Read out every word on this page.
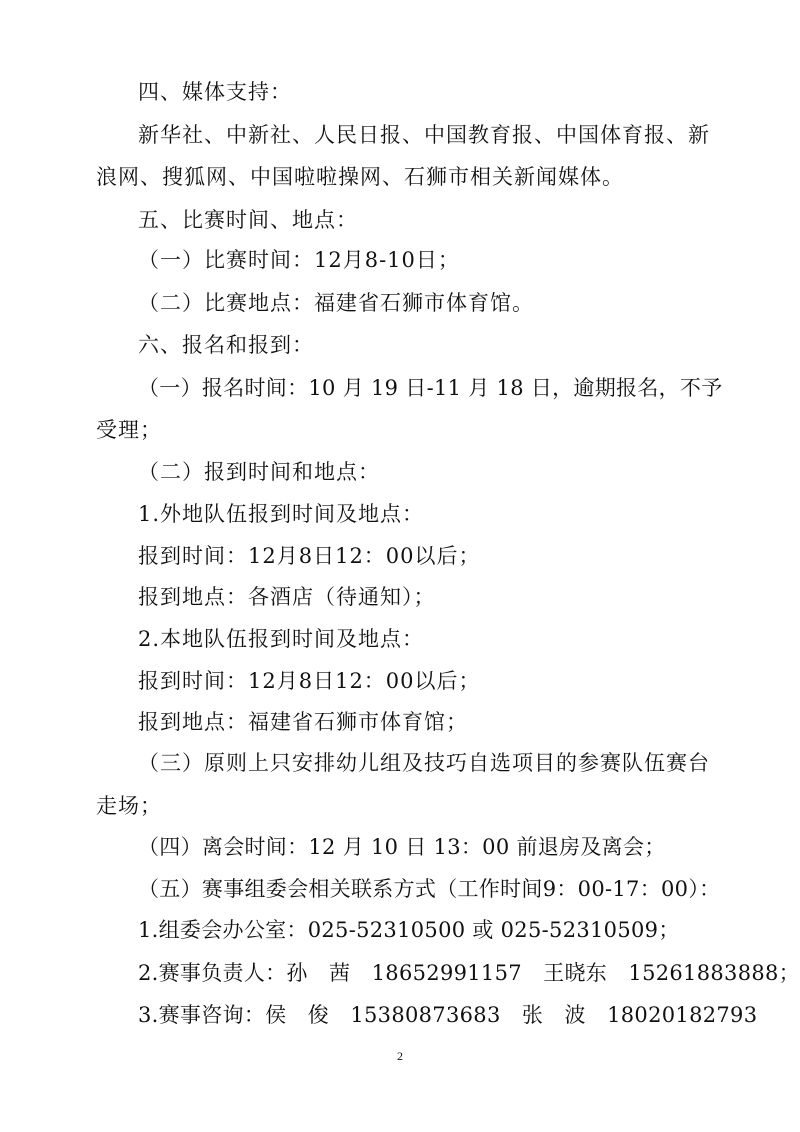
四、媒体支持：
新华社、中新社、人民日报、中国教育报、中国体育报、新
浪网、搜狐网、中国啦啦操网、石狮市相关新闻媒体。
五、比赛时间、地点：
（一）比赛时间：12月8-10日；
（二）比赛地点：福建省石狮市体育馆。
六、报名和报到：
（一）报名时间：10 月 19 日-11 月 18 日，逾期报名，不予
受理；
（二）报到时间和地点：
1.外地队伍报到时间及地点：
报到时间：12月8日12：00以后；
报到地点：各酒店（待通知）；
2.本地队伍报到时间及地点：
报到时间：12月8日12：00以后；
报到地点：福建省石狮市体育馆；
（三）原则上只安排幼儿组及技巧自选项目的参赛队伍赛台
走场；
（四）离会时间：12 月 10 日 13：00 前退房及离会；
（五）赛事组委会相关联系方式（工作时间9：00-17：00）：
1.组委会办公室：025-52310500 或 025-52310509；
2.赛事负责人：孙　茜　18652991157　王晓东　15261883888；
3.赛事咨询：侯　俊　15380873683　张　波　18020182793
2
